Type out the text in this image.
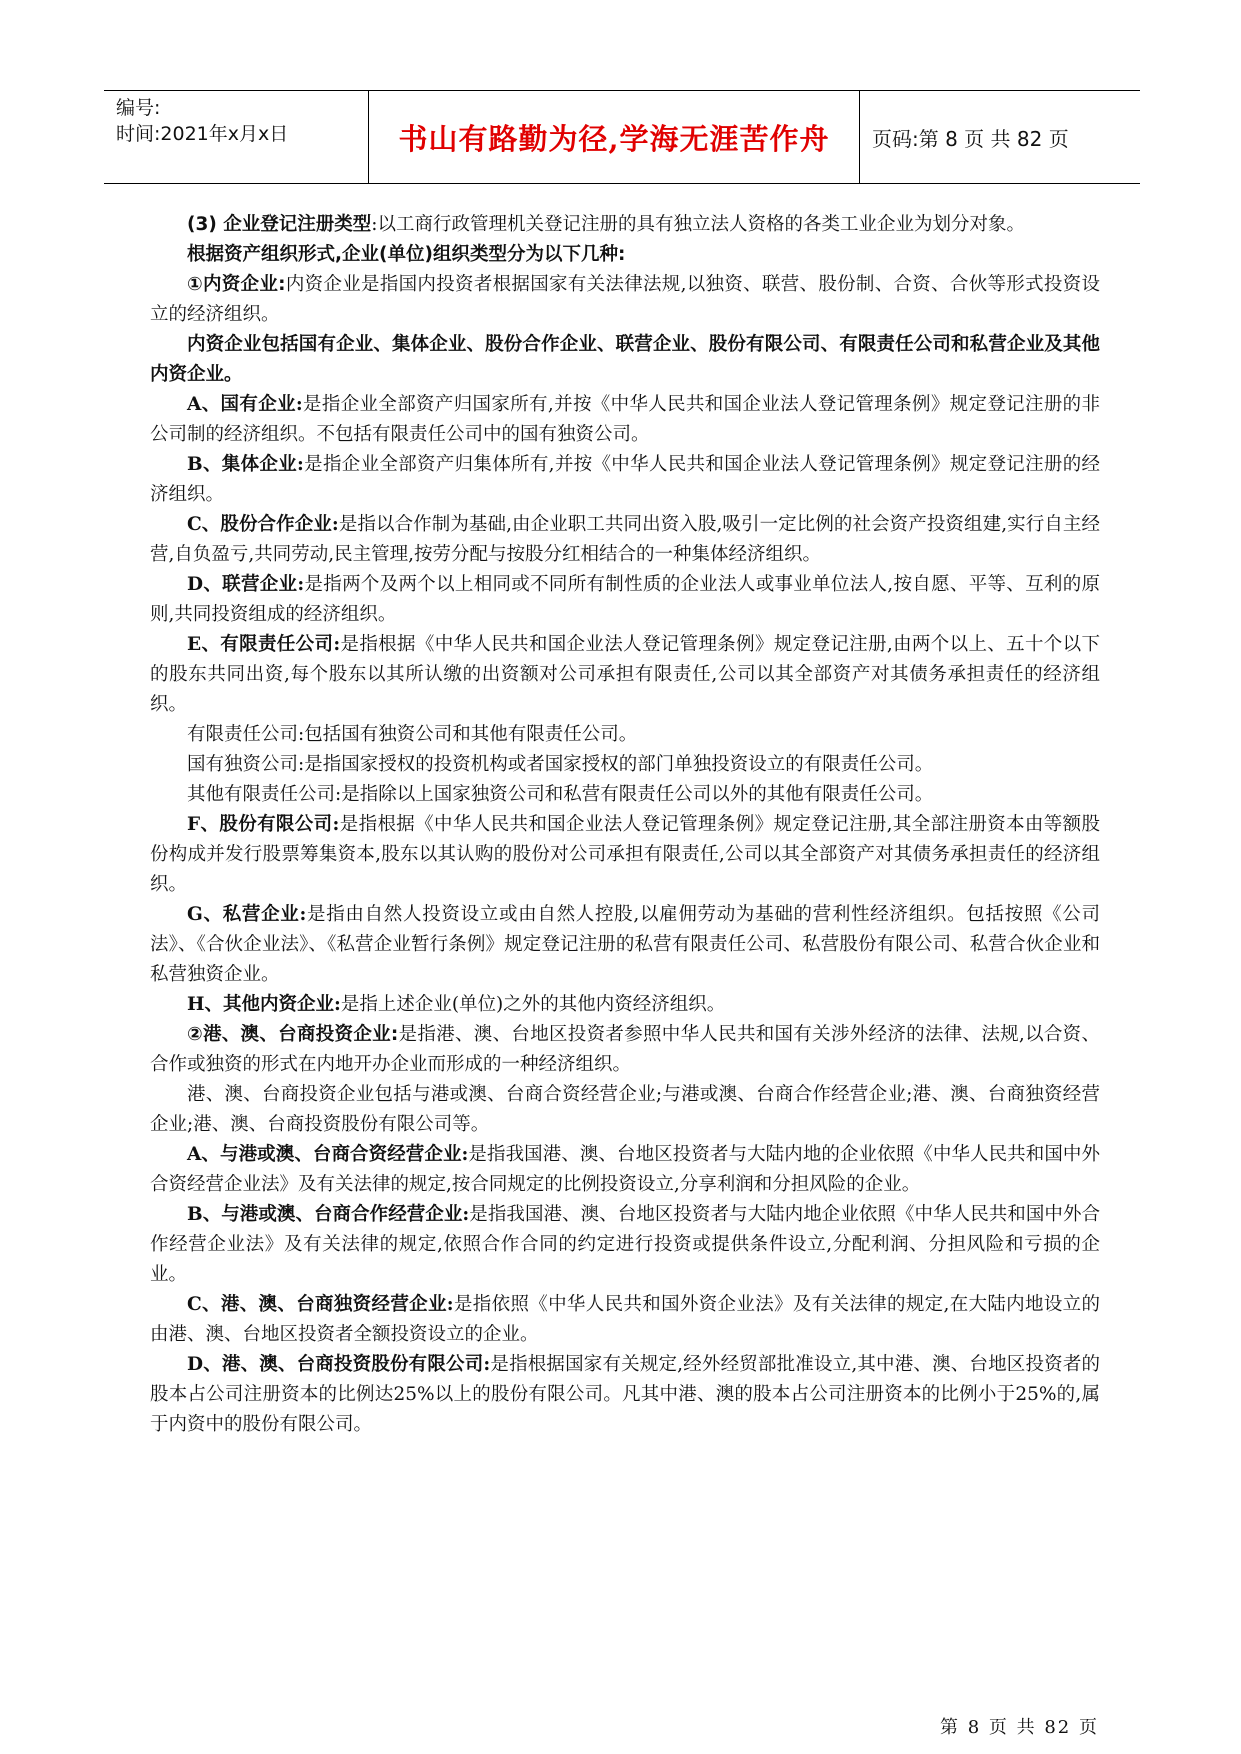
编号:
时间:2021年x月x日	书山有路勤为径,学海无涯苦作舟	页码:第 8 页 共 82 页

(3) 企业登记注册类型:以工商行政管理机关登记注册的具有独立法人资格的各类工业企业为划分对象。

根据资产组织形式,企业(单位)组织类型分为以下几种:

①内资企业:内资企业是指国内投资者根据国家有关法律法规,以独资、联营、股份制、合资、合伙等形式投资设立的经济组织。

内资企业包括国有企业、集体企业、股份合作企业、联营企业、股份有限公司、有限责任公司和私营企业及其他内资企业。

A、国有企业:是指企业全部资产归国家所有,并按《中华人民共和国企业法人登记管理条例》规定登记注册的非公司制的经济组织。不包括有限责任公司中的国有独资公司。

B、集体企业:是指企业全部资产归集体所有,并按《中华人民共和国企业法人登记管理条例》规定登记注册的经济组织。

C、股份合作企业:是指以合作制为基础,由企业职工共同出资入股,吸引一定比例的社会资产投资组建,实行自主经营,自负盈亏,共同劳动,民主管理,按劳分配与按股分红相结合的一种集体经济组织。

D、联营企业:是指两个及两个以上相同或不同所有制性质的企业法人或事业单位法人,按自愿、平等、互利的原则,共同投资组成的经济组织。

E、有限责任公司:是指根据《中华人民共和国企业法人登记管理条例》规定登记注册,由两个以上、五十个以下的股东共同出资,每个股东以其所认缴的出资额对公司承担有限责任,公司以其全部资产对其债务承担责任的经济组织。

有限责任公司:包括国有独资公司和其他有限责任公司。

国有独资公司:是指国家授权的投资机构或者国家授权的部门单独投资设立的有限责任公司。

其他有限责任公司:是指除以上国家独资公司和私营有限责任公司以外的其他有限责任公司。

F、股份有限公司:是指根据《中华人民共和国企业法人登记管理条例》规定登记注册,其全部注册资本由等额股份构成并发行股票筹集资本,股东以其认购的股份对公司承担有限责任,公司以其全部资产对其债务承担责任的经济组织。

G、私营企业:是指由自然人投资设立或由自然人控股,以雇佣劳动为基础的营利性经济组织。包括按照《公司法》、《合伙企业法》、《私营企业暂行条例》规定登记注册的私营有限责任公司、私营股份有限公司、私营合伙企业和私营独资企业。

H、其他内资企业:是指上述企业(单位)之外的其他内资经济组织。

②港、澳、台商投资企业:是指港、澳、台地区投资者参照中华人民共和国有关涉外经济的法律、法规,以合资、合作或独资的形式在内地开办企业而形成的一种经济组织。

港、澳、台商投资企业包括与港或澳、台商合资经营企业;与港或澳、台商合作经营企业;港、澳、台商独资经营企业;港、澳、台商投资股份有限公司等。

A、与港或澳、台商合资经营企业:是指我国港、澳、台地区投资者与大陆内地的企业依照《中华人民共和国中外合资经营企业法》及有关法律的规定,按合同规定的比例投资设立,分享利润和分担风险的企业。

B、与港或澳、台商合作经营企业:是指我国港、澳、台地区投资者与大陆内地企业依照《中华人民共和国中外合作经营企业法》及有关法律的规定,依照合作合同的约定进行投资或提供条件设立,分配利润、分担风险和亏损的企业。

C、港、澳、台商独资经营企业:是指依照《中华人民共和国外资企业法》及有关法律的规定,在大陆内地设立的由港、澳、台地区投资者全额投资设立的企业。

D、港、澳、台商投资股份有限公司:是指根据国家有关规定,经外经贸部批准设立,其中港、澳、台地区投资者的股本占公司注册资本的比例达25%以上的股份有限公司。凡其中港、澳的股本占公司注册资本的比例小于25%的,属于内资中的股份有限公司。

第 8 页 共 82 页
